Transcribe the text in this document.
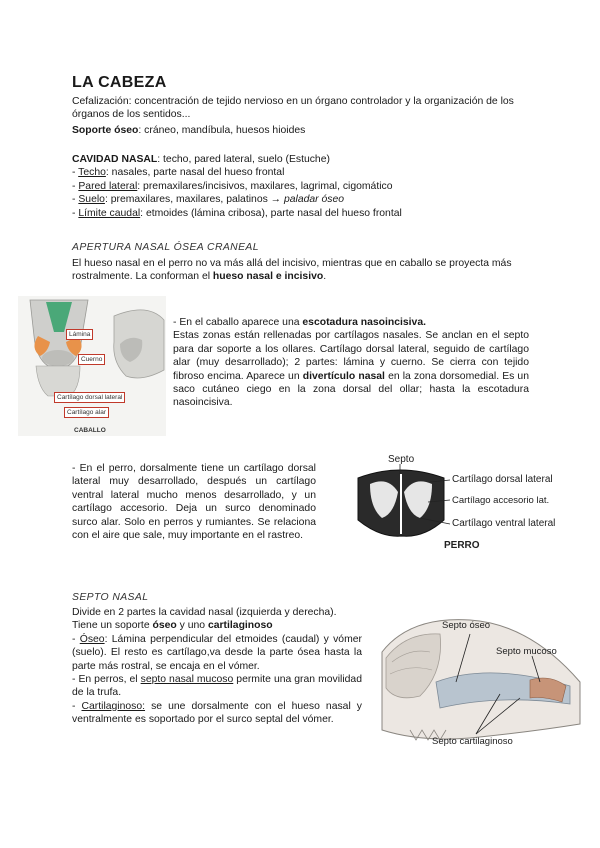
LA CABEZA
Cefalización: concentración de tejido nervioso en un órgano controlador y la organización de los órganos de los sentidos...
Soporte óseo: cráneo, mandíbula, huesos hioides
CAVIDAD NASAL: techo, pared lateral, suelo (Estuche)
- Techo: nasales, parte nasal del hueso frontal
- Pared lateral: premaxilares/incisivos, maxilares, lagrimal, cigomático
- Suelo: premaxilares, maxilares, palatinos → paladar óseo
- Límite caudal: etmoides (lámina cribosa), parte nasal del hueso frontal
APERTURA NASAL ÓSEA CRANEAL
El hueso nasal en el perro no va más allá del incisivo, mientras que en caballo se proyecta más rostralmente. La conforman el hueso nasal e incisivo.
Lámina
Cuerno
Cartílago dorsal lateral
Cartílago alar
CABALLO
- En el caballo aparece una escotadura nasoincisiva.
Estas zonas están rellenadas por cartílagos nasales. Se anclan en el septo para dar soporte a los ollares. Cartílago dorsal lateral, seguido de cartílago alar (muy desarrollado); 2 partes: lámina y cuerno. Se cierra con tejido fibroso encima. Aparece un divertículo nasal en la zona dorsomedial. Es un saco cutáneo ciego en la zona dorsal del ollar; hasta la escotadura nasoincisiva.
- En el perro, dorsalmente tiene un cartílago dorsal lateral muy desarrollado, después un cartílago ventral lateral mucho menos desarrollado, y un cartílago accesorio. Deja un surco denominado surco alar. Solo en perros y rumiantes. Se relaciona con el aire que sale, muy importante en el rastreo.
Septo
Cartílago dorsal lateral
Cartílago accesorio lat.
Cartílago ventral lateral
PERRO
SEPTO NASAL
Divide en 2 partes la cavidad nasal (izquierda y derecha).
Tiene un soporte óseo y uno cartilaginoso
- Óseo: Lámina perpendicular del etmoides (caudal) y vómer (suelo). El resto es cartílago,va desde la parte ósea hasta la parte más rostral, se encaja en el vómer.
- En perros, el septo nasal mucoso permite una gran movilidad de la trufa.
- Cartilaginoso: se une dorsalmente con el hueso nasal y ventralmente es soportado por el surco septal del vómer.
Septo óseo
Septo mucoso
Septo cartilaginoso
